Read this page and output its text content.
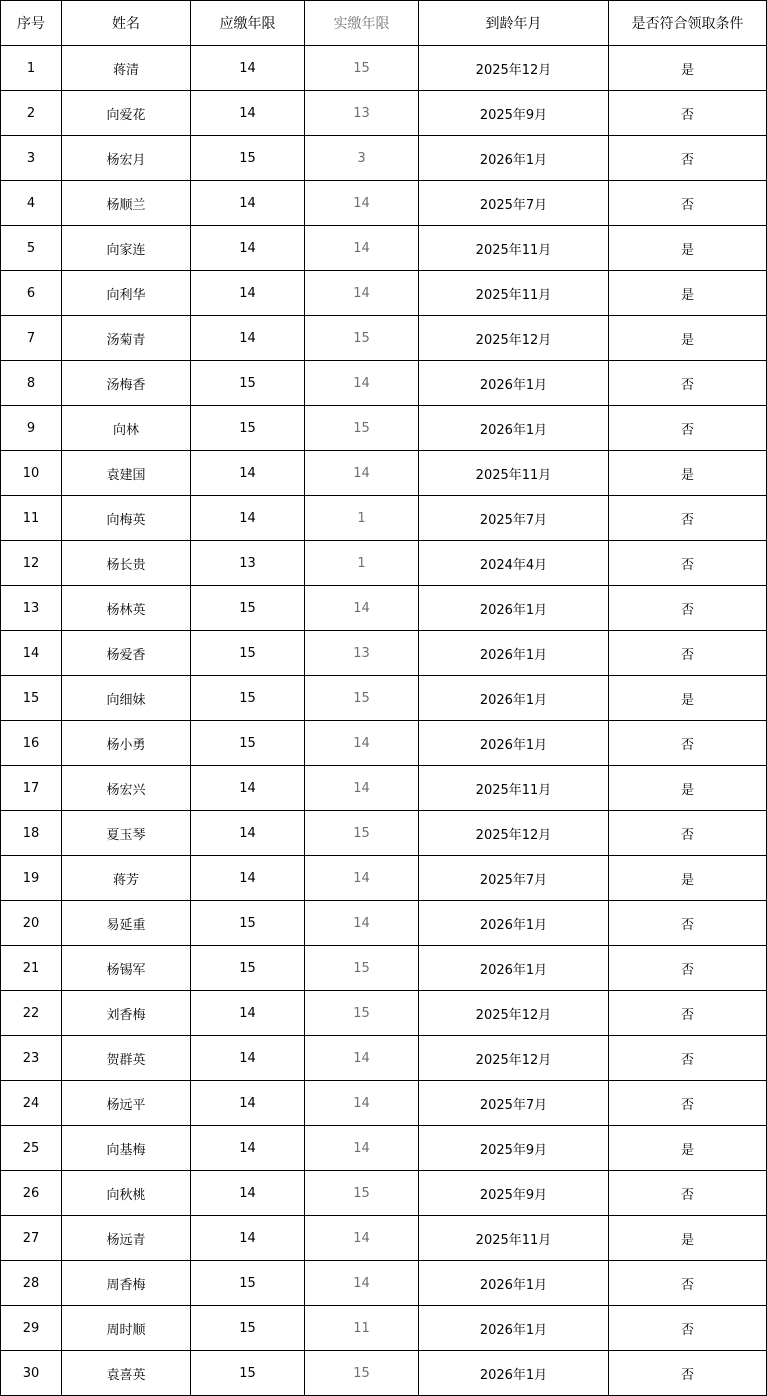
序号	姓名	应缴年限	实缴年限	到龄年月	是否符合领取条件
1	蒋清	14	15	2025年12月	是
2	向爱花	14	13	2025年9月	否
3	杨宏月	15	3	2026年1月	否
4	杨顺兰	14	14	2025年7月	否
5	向家连	14	14	2025年11月	是
6	向利华	14	14	2025年11月	是
7	汤菊青	14	15	2025年12月	是
8	汤梅香	15	14	2026年1月	否
9	向林	15	15	2026年1月	否
10	袁建国	14	14	2025年11月	是
11	向梅英	14	1	2025年7月	否
12	杨长贵	13	1	2024年4月	否
13	杨林英	15	14	2026年1月	否
14	杨爱香	15	13	2026年1月	否
15	向细妹	15	15	2026年1月	是
16	杨小勇	15	14	2026年1月	否
17	杨宏兴	14	14	2025年11月	是
18	夏玉琴	14	15	2025年12月	否
19	蒋芳	14	14	2025年7月	是
20	易延重	15	14	2026年1月	否
21	杨锡军	15	15	2026年1月	否
22	刘香梅	14	15	2025年12月	否
23	贺群英	14	14	2025年12月	否
24	杨远平	14	14	2025年7月	否
25	向基梅	14	14	2025年9月	是
26	向秋桃	14	15	2025年9月	否
27	杨远青	14	14	2025年11月	是
28	周香梅	15	14	2026年1月	否
29	周时顺	15	11	2026年1月	否
30	袁喜英	15	15	2026年1月	否
